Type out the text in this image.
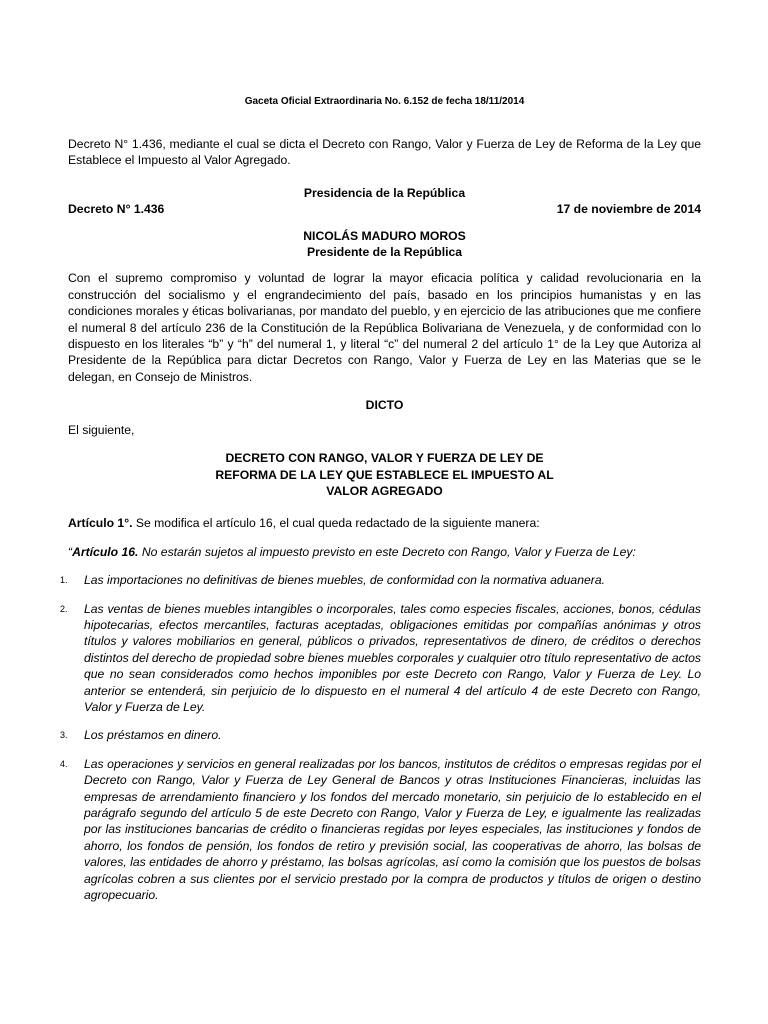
Gaceta Oficial Extraordinaria No. 6.152 de fecha 18/11/2014

Decreto N° 1.436, mediante el cual se dicta el Decreto con Rango, Valor y Fuerza de Ley de Reforma de la Ley que Establece el Impuesto al Valor Agregado.

Presidencia de la República

Decreto N° 1.436	17 de noviembre de 2014
NICOLÁS MADURO MOROS
Presidente de la República

Con el supremo compromiso y voluntad de lograr la mayor eficacia política y calidad revolucionaria en la construcción del socialismo y el engrandecimiento del país, basado en los principios humanistas y en las condiciones morales y éticas bolivarianas, por mandato del pueblo, y en ejercicio de las atribuciones que me confiere el numeral 8 del artículo 236 de la Constitución de la República Bolivariana de Venezuela, y de conformidad con lo dispuesto en los literales “b” y “h” del numeral 1, y literal “c” del numeral 2 del artículo 1° de la Ley que Autoriza al Presidente de la República para dictar Decretos con Rango, Valor y Fuerza de Ley en las Materias que se le delegan, en Consejo de Ministros.

DICTO

El siguiente,

DECRETO CON RANGO, VALOR Y FUERZA DE LEY DE
REFORMA DE LA LEY QUE ESTABLECE EL IMPUESTO AL
VALOR AGREGADO

Artículo 1°. Se modifica el artículo 16, el cual queda redactado de la siguiente manera:

“Artículo 16. No estarán sujetos al impuesto previsto en este Decreto con Rango, Valor y Fuerza de Ley:

1. Las importaciones no definitivas de bienes muebles, de conformidad con la normativa aduanera.
2. Las ventas de bienes muebles intangibles o incorporales, tales como especies fiscales, acciones, bonos, cédulas hipotecarias, efectos mercantiles, facturas aceptadas, obligaciones emitidas por compañías anónimas y otros títulos y valores mobiliarios en general, públicos o privados, representativos de dinero, de créditos o derechos distintos del derecho de propiedad sobre bienes muebles corporales y cualquier otro título representativo de actos que no sean considerados como hechos imponibles por este Decreto con Rango, Valor y Fuerza de Ley. Lo anterior se entenderá, sin perjuicio de lo dispuesto en el numeral 4 del artículo 4 de este Decreto con Rango, Valor y Fuerza de Ley.
3. Los préstamos en dinero.
4. Las operaciones y servicios en general realizadas por los bancos, institutos de créditos o empresas regidas por el Decreto con Rango, Valor y Fuerza de Ley General de Bancos y otras Instituciones Financieras, incluidas las empresas de arrendamiento financiero y los fondos del mercado monetario, sin perjuicio de lo establecido en el parágrafo segundo del artículo 5 de este Decreto con Rango, Valor y Fuerza de Ley, e igualmente las realizadas por las instituciones bancarias de crédito o financieras regidas por leyes especiales, las instituciones y fondos de ahorro, los fondos de pensión, los fondos de retiro y previsión social, las cooperativas de ahorro, las bolsas de valores, las entidades de ahorro y préstamo, las bolsas agrícolas, así como la comisión que los puestos de bolsas agrícolas cobren a sus clientes por el servicio prestado por la compra de productos y títulos de origen o destino agropecuario.
